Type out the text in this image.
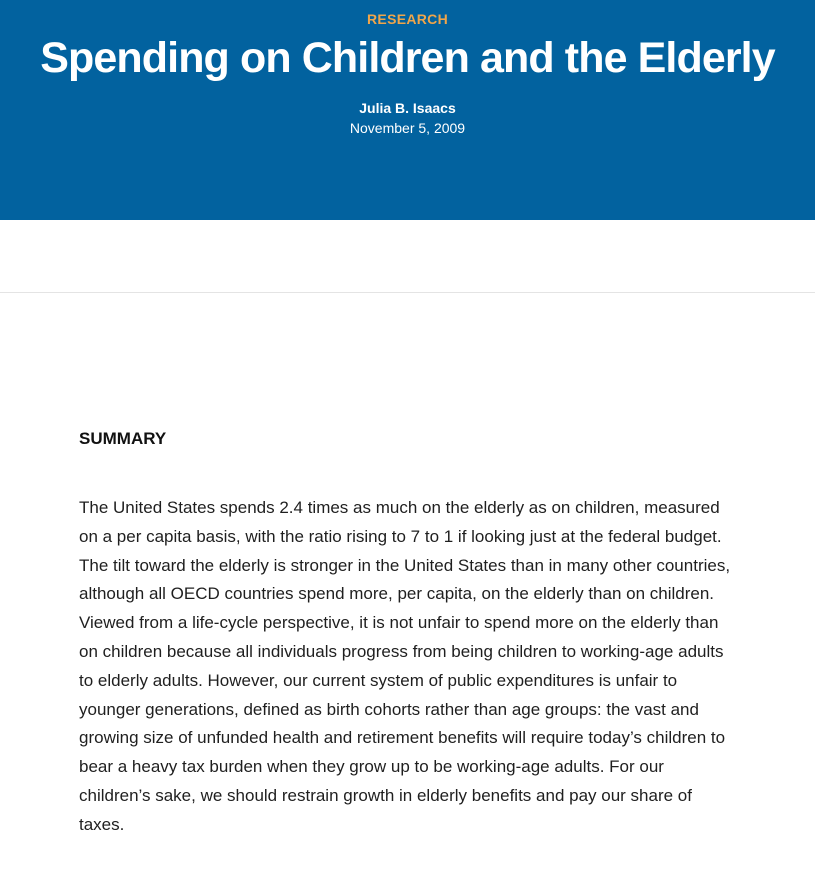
RESEARCH
Spending on Children and the Elderly
Julia B. Isaacs
November 5, 2009
SUMMARY

The United States spends 2.4 times as much on the elderly as on children, measured on a per capita basis, with the ratio rising to 7 to 1 if looking just at the federal budget. The tilt toward the elderly is stronger in the United States than in many other countries, although all OECD countries spend more, per capita, on the elderly than on children. Viewed from a life-cycle perspective, it is not unfair to spend more on the elderly than on children because all individuals progress from being children to working-age adults to elderly adults. However, our current system of public expenditures is unfair to younger generations, defined as birth cohorts rather than age groups: the vast and growing size of unfunded health and retirement benefits will require today’s children to bear a heavy tax burden when they grow up to be working-age adults. For our children’s sake, we should restrain growth in elderly benefits and pay our share of taxes.
